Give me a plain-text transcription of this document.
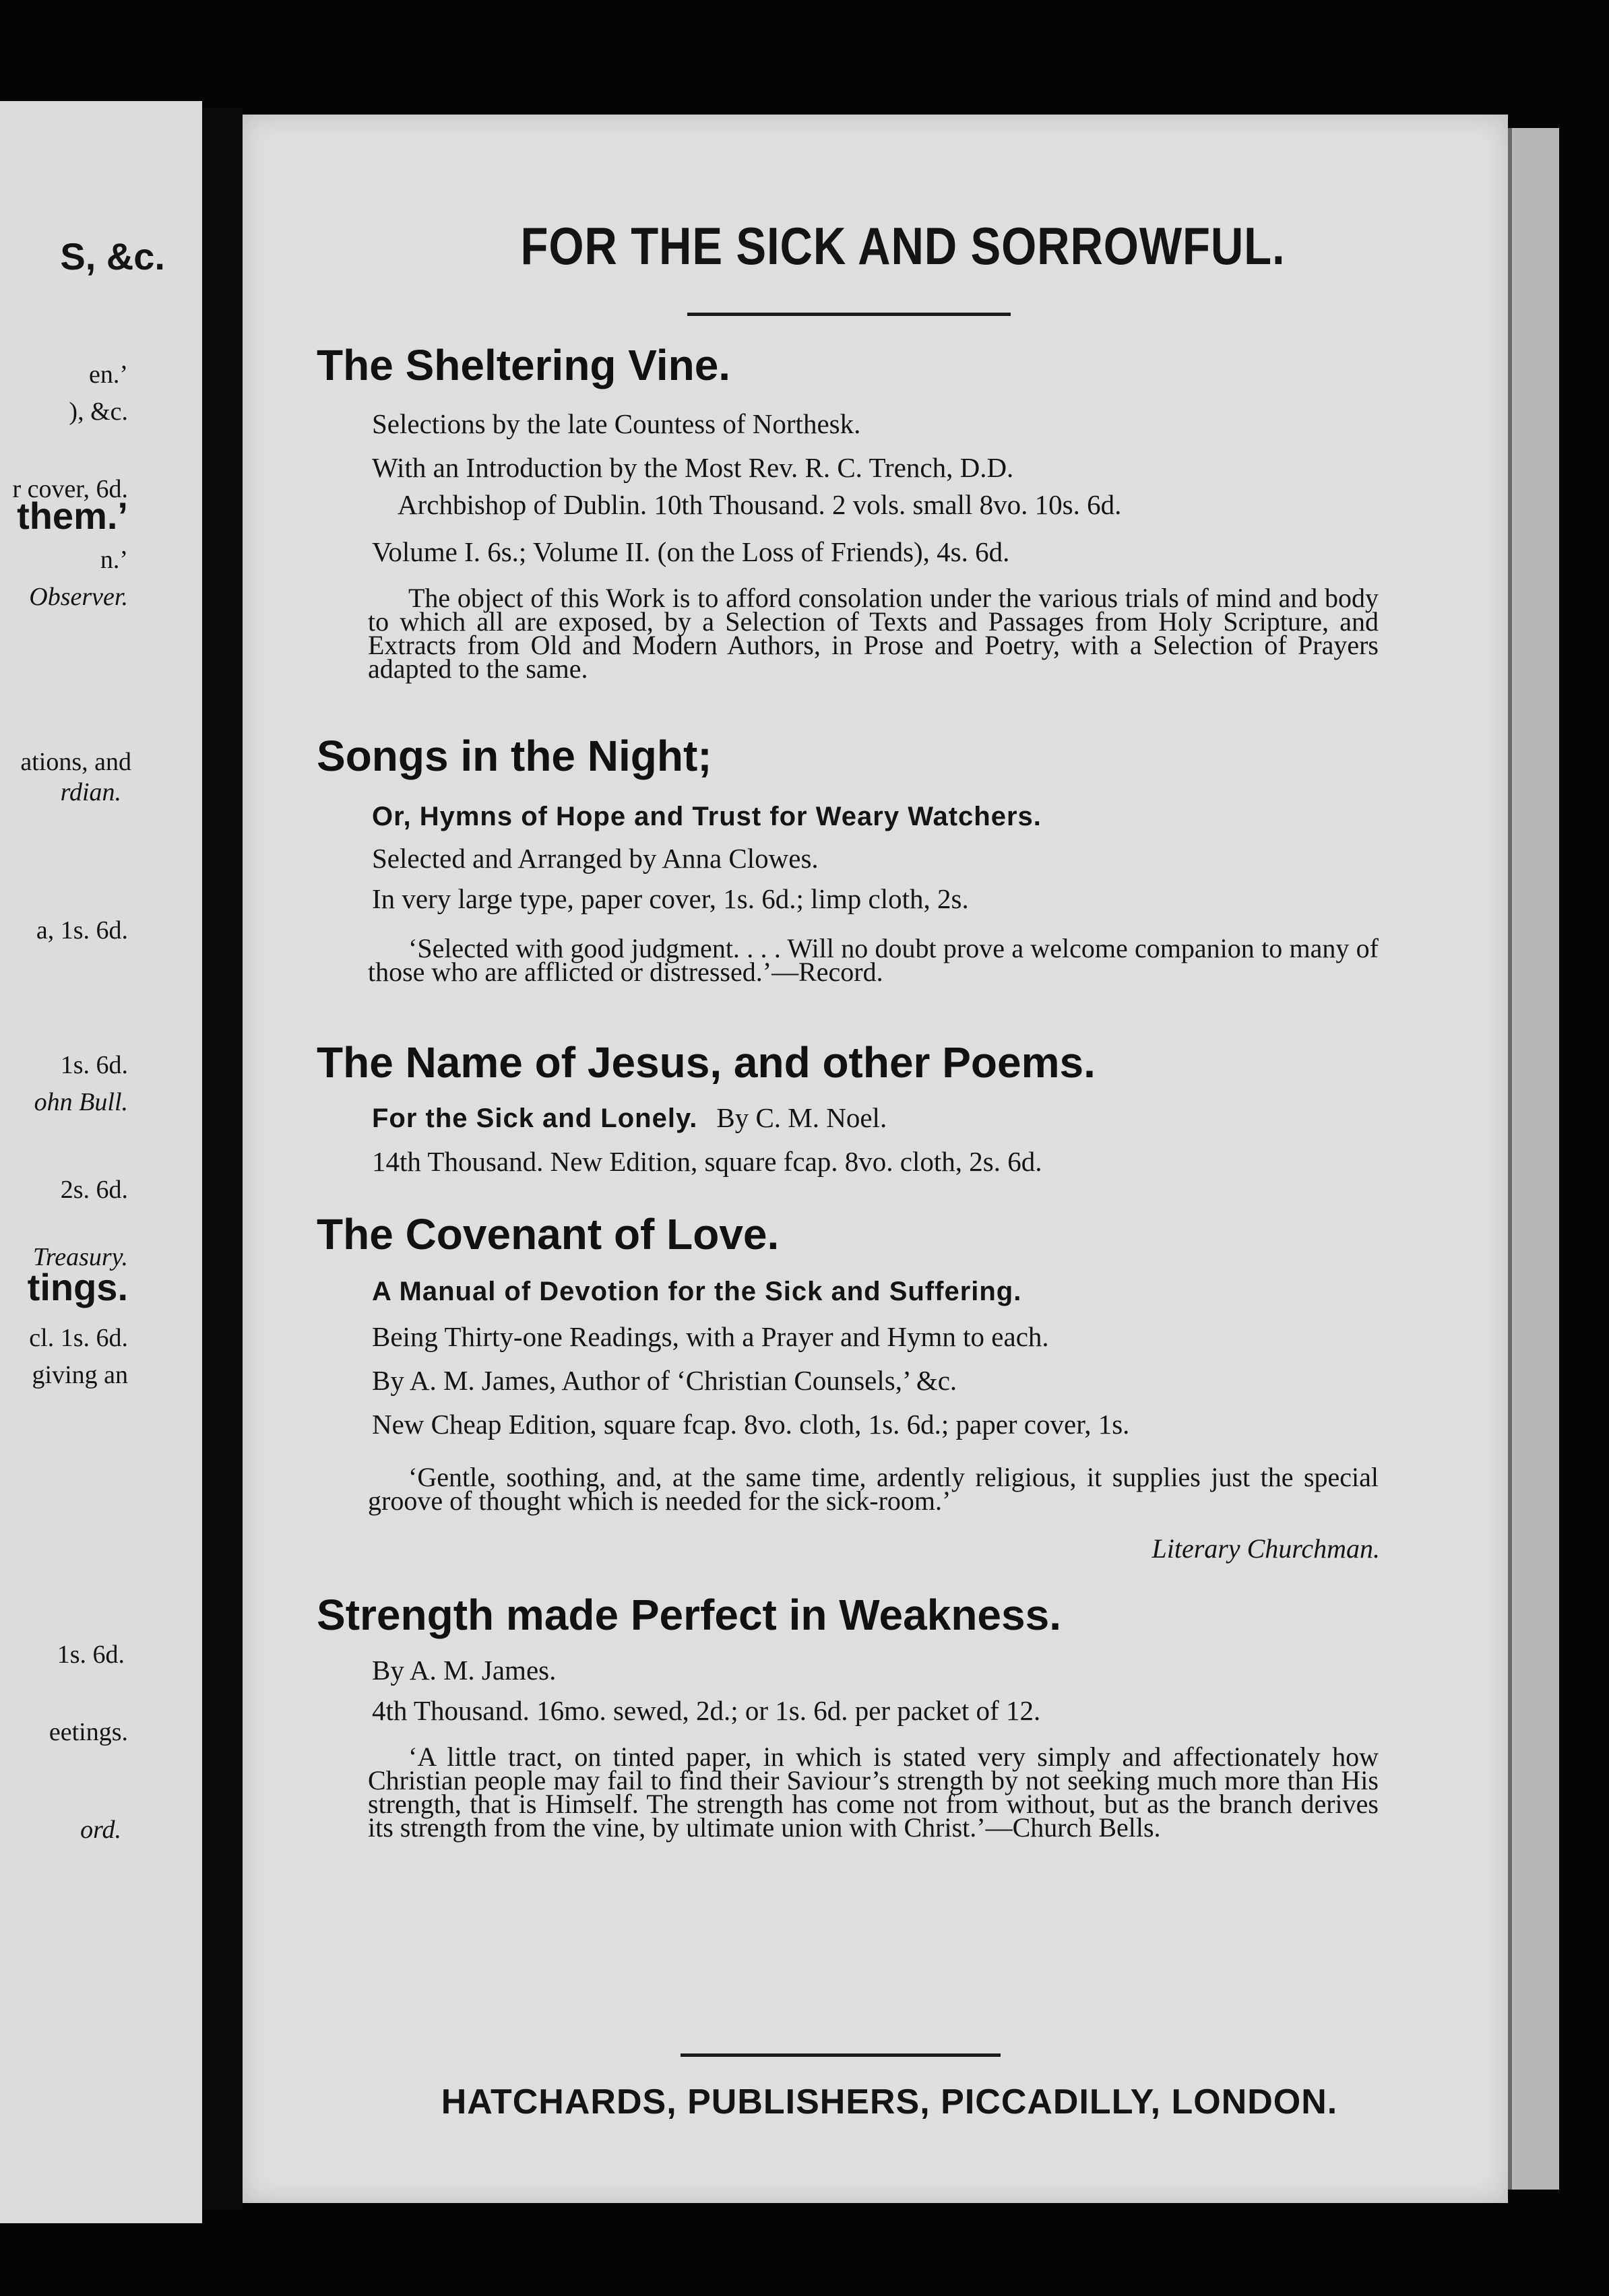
S, &c.
en.’
), &c.
r cover, 6d.
them.’
n.’
Observer.
ations, and
rdian.
a, 1s. 6d.
1s. 6d.
ohn Bull.
2s. 6d.
Treasury.
tings.
cl. 1s. 6d.
giving an
1s. 6d.
eetings.
ord.
FOR THE SICK AND SORROWFUL.
The Sheltering Vine.
Selections by the late Countess of Northesk.
With an Introduction by the Most Rev. R. C. Trench, D.D.
Archbishop of Dublin. 10th Thousand. 2 vols. small 8vo. 10s. 6d.
Volume I. 6s.; Volume II. (on the Loss of Friends), 4s. 6d.

The object of this Work is to afford consolation under the various trials of mind and body to which all are exposed, by a Selection of Texts and Passages from Holy Scripture, and Extracts from Old and Modern Authors, in Prose and Poetry, with a Selection of Prayers adapted to the same.

Songs in the Night;
Or, Hymns of Hope and Trust for Weary Watchers.
Selected and Arranged by Anna Clowes.
In very large type, paper cover, 1s. 6d.; limp cloth, 2s.

‘Selected with good judgment. . . . Will no doubt prove a welcome companion to many of those who are afflicted or distressed.’—Record.

The Name of Jesus, and other Poems.
For the Sick and Lonely. By C. M. Noel.
14th Thousand. New Edition, square fcap. 8vo. cloth, 2s. 6d.
The Covenant of Love.
A Manual of Devotion for the Sick and Suffering.
Being Thirty-one Readings, with a Prayer and Hymn to each.
By A. M. James, Author of ‘Christian Counsels,’ &c.
New Cheap Edition, square fcap. 8vo. cloth, 1s. 6d.; paper cover, 1s.

‘Gentle, soothing, and, at the same time, ardently religious, it supplies just the special groove of thought which is needed for the sick-room.’

Literary Churchman.
Strength made Perfect in Weakness.
By A. M. James.
4th Thousand. 16mo. sewed, 2d.; or 1s. 6d. per packet of 12.

‘A little tract, on tinted paper, in which is stated very simply and affectionately how Christian people may fail to find their Saviour’s strength by not seeking much more than His strength, that is Himself. The strength has come not from without, but as the branch derives its strength from the vine, by ultimate union with Christ.’—Church Bells.

HATCHARDS, PUBLISHERS, PICCADILLY, LONDON.
